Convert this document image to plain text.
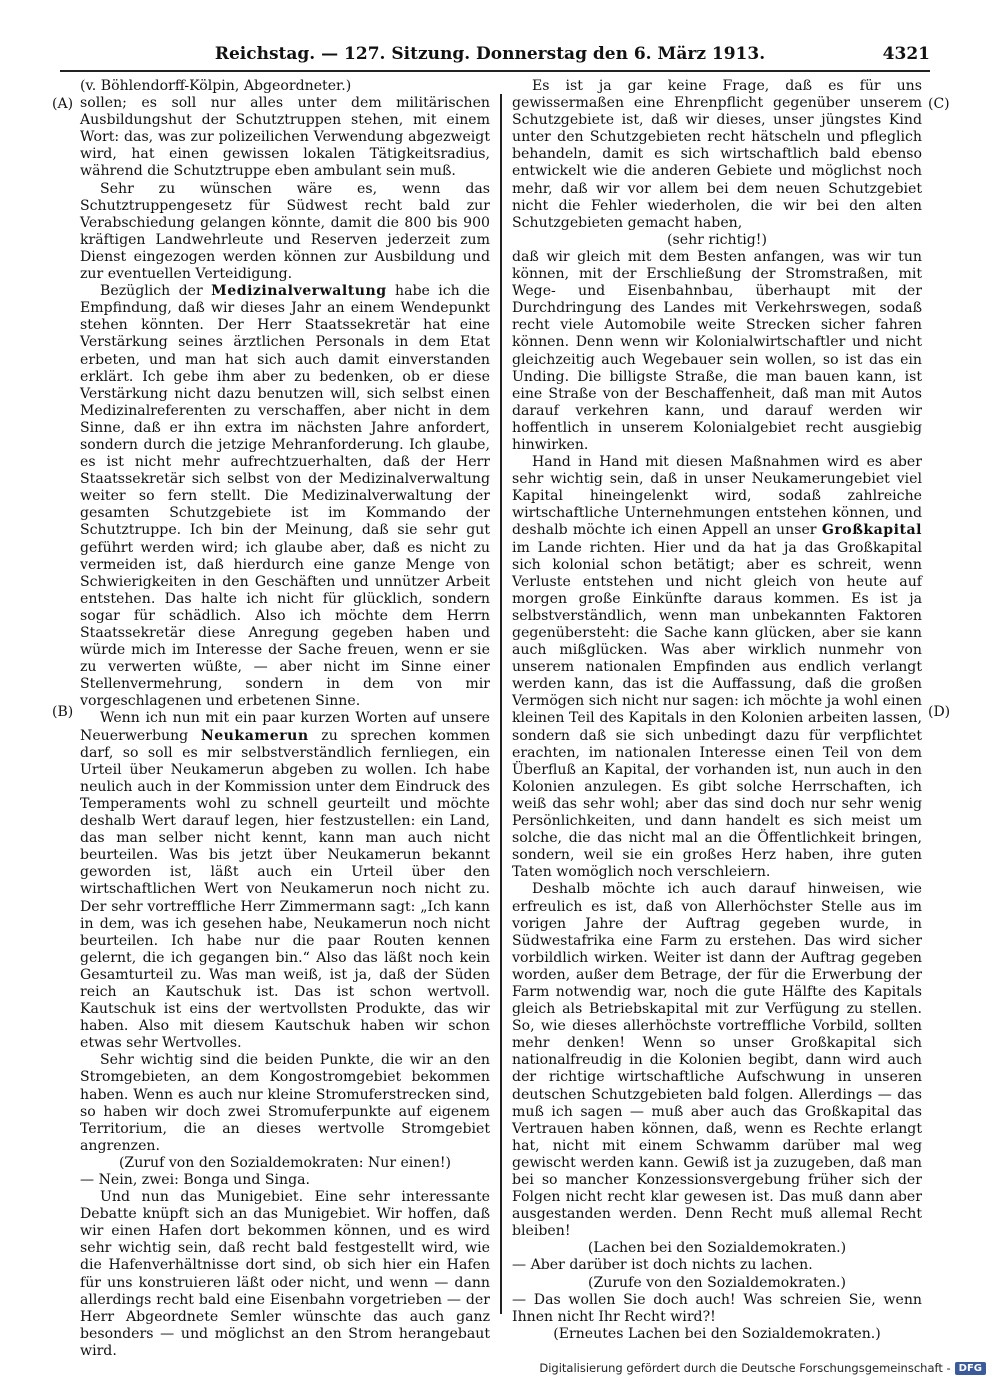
Reichstag. — 127. Sitzung. Donnerstag den 6. März 1913.	4321
(A)
(B)
(C)
(D)

(v. Böhlendorff-Kölpin, Abgeordneter.)

sollen; es soll nur alles unter dem militärischen Ausbildungshut der Schutztruppen stehen, mit einem Wort: das, was zur polizeilichen Verwendung abgezweigt wird, hat einen gewissen lokalen Tätigkeitsradius, während die Schutztruppe eben ambulant sein muß.

Sehr zu wünschen wäre es, wenn das Schutztruppengesetz für Südwest recht bald zur Verabschiedung gelangen könnte, damit die 800 bis 900 kräftigen Landwehrleute und Reserven jederzeit zum Dienst eingezogen werden können zur Ausbildung und zur eventuellen Verteidigung.

Bezüglich der Medizinalverwaltung habe ich die Empfindung, daß wir dieses Jahr an einem Wendepunkt stehen könnten. Der Herr Staatssekretär hat eine Verstärkung seines ärztlichen Personals in dem Etat erbeten, und man hat sich auch damit einverstanden erklärt. Ich gebe ihm aber zu bedenken, ob er diese Verstärkung nicht dazu benutzen will, sich selbst einen Medizinalreferenten zu verschaffen, aber nicht in dem Sinne, daß er ihn extra im nächsten Jahre anfordert, sondern durch die jetzige Mehranforderung. Ich glaube, es ist nicht mehr aufrechtzuerhalten, daß der Herr Staatssekretär sich selbst von der Medizinalverwaltung weiter so fern stellt. Die Medizinalverwaltung der gesamten Schutzgebiete ist im Kommando der Schutztruppe. Ich bin der Meinung, daß sie sehr gut geführt werden wird; ich glaube aber, daß es nicht zu vermeiden ist, daß hierdurch eine ganze Menge von Schwierigkeiten in den Geschäften und unnützer Arbeit entstehen. Das halte ich nicht für glücklich, sondern sogar für schädlich. Also ich möchte dem Herrn Staatssekretär diese Anregung gegeben haben und würde mich im Interesse der Sache freuen, wenn er sie zu verwerten wüßte, — aber nicht im Sinne einer Stellenvermehrung, sondern in dem von mir vorgeschlagenen und erbetenen Sinne.

Wenn ich nun mit ein paar kurzen Worten auf unsere Neuerwerbung Neukamerun zu sprechen kommen darf, so soll es mir selbstverständlich fernliegen, ein Urteil über Neukamerun abgeben zu wollen. Ich habe neulich auch in der Kommission unter dem Eindruck des Temperaments wohl zu schnell geurteilt und möchte deshalb Wert darauf legen, hier festzustellen: ein Land, das man selber nicht kennt, kann man auch nicht beurteilen. Was bis jetzt über Neukamerun bekannt geworden ist, läßt auch ein Urteil über den wirtschaftlichen Wert von Neukamerun noch nicht zu. Der sehr vortreffliche Herr Zimmermann sagt: „Ich kann in dem, was ich gesehen habe, Neukamerun noch nicht beurteilen. Ich habe nur die paar Routen kennen gelernt, die ich gegangen bin.“ Also das läßt noch kein Gesamturteil zu. Was man weiß, ist ja, daß der Süden reich an Kautschuk ist. Das ist schon wertvoll. Kautschuk ist eins der wertvollsten Produkte, das wir haben. Also mit diesem Kautschuk haben wir schon etwas sehr Wertvolles.

Sehr wichtig sind die beiden Punkte, die wir an den Stromgebieten, an dem Kongostromgebiet bekommen haben. Wenn es auch nur kleine Stromuferstrecken sind, so haben wir doch zwei Stromuferpunkte auf eigenem Territorium, die an dieses wertvolle Stromgebiet angrenzen.

(Zuruf von den Sozialdemokraten: Nur einen!)

— Nein, zwei: Bonga und Singa.

Und nun das Munigebiet. Eine sehr interessante Debatte knüpft sich an das Munigebiet. Wir hoffen, daß wir einen Hafen dort bekommen können, und es wird sehr wichtig sein, daß recht bald festgestellt wird, wie die Hafenverhältnisse dort sind, ob sich hier ein Hafen für uns konstruieren läßt oder nicht, und wenn — dann allerdings recht bald eine Eisenbahn vorgetrieben — der Herr Abgeordnete Semler wünschte das auch ganz besonders — und möglichst an den Strom herangebaut wird.

Es ist ja gar keine Frage, daß es für uns gewissermaßen eine Ehrenpflicht gegenüber unserem Schutzgebiete ist, daß wir dieses, unser jüngstes Kind unter den Schutzgebieten recht hätscheln und pfleglich behandeln, damit es sich wirtschaftlich bald ebenso entwickelt wie die anderen Gebiete und möglichst noch mehr, daß wir vor allem bei dem neuen Schutzgebiet nicht die Fehler wiederholen, die wir bei den alten Schutzgebieten gemacht haben,

(sehr richtig!)

daß wir gleich mit dem Besten anfangen, was wir tun können, mit der Erschließung der Stromstraßen, mit Wege- und Eisenbahnbau, überhaupt mit der Durchdringung des Landes mit Verkehrswegen, sodaß recht viele Automobile weite Strecken sicher fahren können. Denn wenn wir Kolonialwirtschaftler und nicht gleichzeitig auch Wegebauer sein wollen, so ist das ein Unding. Die billigste Straße, die man bauen kann, ist eine Straße von der Beschaffenheit, daß man mit Autos darauf verkehren kann, und darauf werden wir hoffentlich in unserem Kolonialgebiet recht ausgiebig hinwirken.

Hand in Hand mit diesen Maßnahmen wird es aber sehr wichtig sein, daß in unser Neukamerungebiet viel Kapital hineingelenkt wird, sodaß zahlreiche wirtschaftliche Unternehmungen entstehen können, und deshalb möchte ich einen Appell an unser Großkapital im Lande richten. Hier und da hat ja das Großkapital sich kolonial schon betätigt; aber es schreit, wenn Verluste entstehen und nicht gleich von heute auf morgen große Einkünfte daraus kommen. Es ist ja selbstverständlich, wenn man unbekannten Faktoren gegenübersteht: die Sache kann glücken, aber sie kann auch mißglücken. Was aber wirklich nunmehr von unserem nationalen Empfinden aus endlich verlangt werden kann, das ist die Auffassung, daß die großen Vermögen sich nicht nur sagen: ich möchte ja wohl einen kleinen Teil des Kapitals in den Kolonien arbeiten lassen, sondern daß sie sich unbedingt dazu für verpflichtet erachten, im nationalen Interesse einen Teil von dem Überfluß an Kapital, der vorhanden ist, nun auch in den Kolonien anzulegen. Es gibt solche Herrschaften, ich weiß das sehr wohl; aber das sind doch nur sehr wenig Persönlichkeiten, und dann handelt es sich meist um solche, die das nicht mal an die Öffentlichkeit bringen, sondern, weil sie ein großes Herz haben, ihre guten Taten womöglich noch verschleiern.

Deshalb möchte ich auch darauf hinweisen, wie erfreulich es ist, daß von Allerhöchster Stelle aus im vorigen Jahre der Auftrag gegeben wurde, in Südwestafrika eine Farm zu erstehen. Das wird sicher vorbildlich wirken. Weiter ist dann der Auftrag gegeben worden, außer dem Betrage, der für die Erwerbung der Farm notwendig war, noch die gute Hälfte des Kapitals gleich als Betriebskapital mit zur Verfügung zu stellen. So, wie dieses allerhöchste vortreffliche Vorbild, sollten mehr denken! Wenn so unser Großkapital sich nationalfreudig in die Kolonien begibt, dann wird auch der richtige wirtschaftliche Aufschwung in unseren deutschen Schutzgebieten bald folgen. Allerdings — das muß ich sagen — muß aber auch das Großkapital das Vertrauen haben können, daß, wenn es Rechte erlangt hat, nicht mit einem Schwamm darüber mal weg gewischt werden kann. Gewiß ist ja zuzugeben, daß man bei so mancher Konzessionsvergebung früher sich der Folgen nicht recht klar gewesen ist. Das muß dann aber ausgestanden werden. Denn Recht muß allemal Recht bleiben!

(Lachen bei den Sozialdemokraten.)

— Aber darüber ist doch nichts zu lachen.

(Zurufe von den Sozialdemokraten.)

— Das wollen Sie doch auch! Was schreien Sie, wenn Ihnen nicht Ihr Recht wird?!

(Erneutes Lachen bei den Sozialdemokraten.)

Digitalisierung gefördert durch die Deutsche Forschungsgemeinschaft - DFG
